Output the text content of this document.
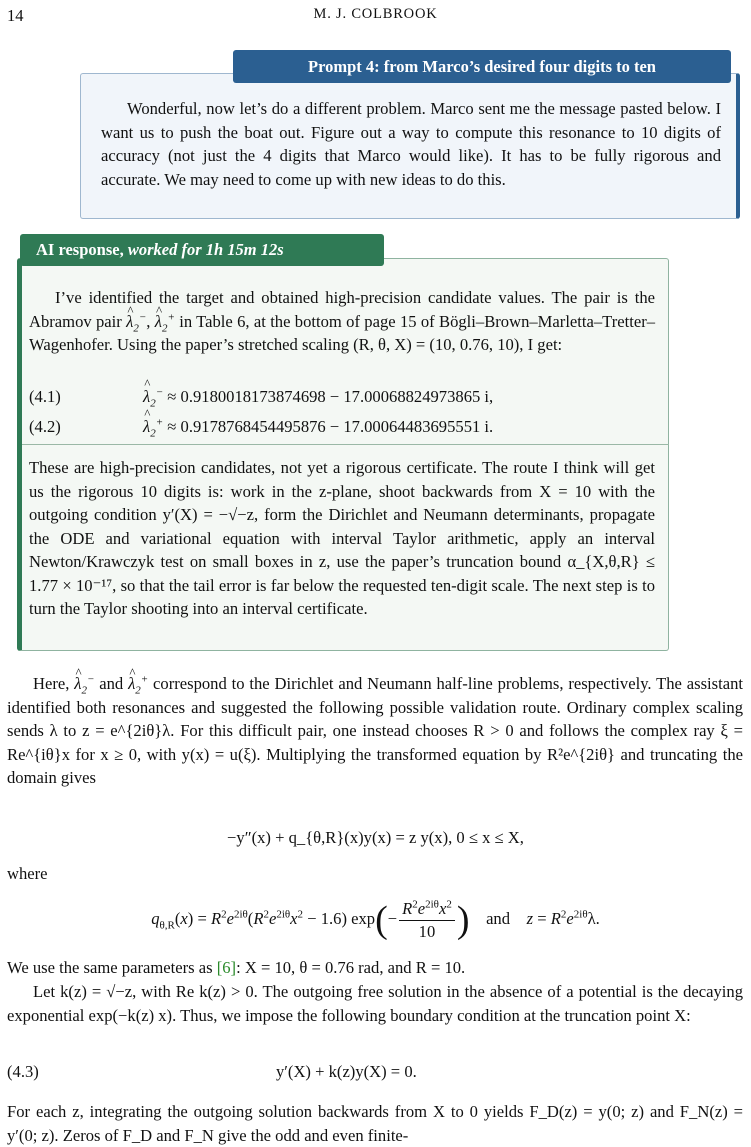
14	M. J. COLBROOK
Wonderful, now let’s do a different problem. Marco sent me the message pasted below. I want us to push the boat out. Figure out a way to compute this resonance to 10 digits of accuracy (not just the 4 digits that Marco would like). It has to be fully rigorous and accurate. We may need to come up with new ideas to do this.
Prompt 4: from Marco’s desired four digits to ten
I’ve identified the target and obtained high-precision candidate values. The pair is the Abramov pair ^ $\lambda_2^-$, ^ $\lambda_2^+$ in Table 6, at the bottom of page 15 of Bögli–Brown–Marletta–Tretter–Wagenhofer. Using the paper’s stretched scaling (R, θ, X) = (10, 0.76, 10), I get:
(4.1)	^ $\lambda_2^- \approx 0.9180018173874698 - 17.00068824973865$ i,
(4.2)	^ $\lambda_2^+ \approx 0.9178768454495876 - 17.00064483695551$ i.
These are high-precision candidates, not yet a rigorous certificate. The route I think will get us the rigorous 10 digits is: work in the z-plane, shoot backwards from X = 10 with the outgoing condition y′(X) = −√−z, form the Dirichlet and Neumann determinants, propagate the ODE and variational equation with interval Taylor arithmetic, apply an interval Newton/Krawczyk test on small boxes in z, use the paper’s truncation bound α_{X,θ,R} ≤ 1.77 × 10⁻¹⁷, so that the tail error is far below the requested ten-digit scale. The next step is to turn the Taylor shooting into an interval certificate.
AI response, worked for 1h 15m 12s
Here, ^ $\lambda_2^-$ and ^ $\lambda_2^+$ correspond to the Dirichlet and Neumann half-line problems, respectively. The assistant identified both resonances and suggested the following possible validation route. Ordinary complex scaling sends λ to z = e^{2iθ}λ. For this difficult pair, one instead chooses R > 0 and follows the complex ray ξ = Re^{iθ}x for x ≥ 0, with y(x) = u(ξ). Multiplying the transformed equation by R²e^{2iθ} and truncating the domain gives
−y″(x) + q_{θ,R}(x)y(x) = z y(x), 0 ≤ x ≤ X,
where
$q_{\theta,R}(x) = R^2e^{2i\theta}(R^2e^{2i\theta}x^2 - 1.6)$ $\exp(- \frac{R^2e^{2i\theta}x^2}{10}$ ) and $z = R^2e^{2i\theta}\lambda$.
We use the same parameters as [6]: X = 10, θ = 0.76 rad, and R = 10.
Let k(z) = √−z, with Re k(z) > 0. The outgoing free solution in the absence of a potential is the decaying exponential exp(−k(z) x). Thus, we impose the following boundary condition at the truncation point X:
(4.3)	y′(X) + k(z)y(X) = 0.
For each z, integrating the outgoing solution backwards from X to 0 yields F_D(z) = y(0; z) and F_N(z) = y′(0; z). Zeros of F_D and F_N give the odd and even finite-
